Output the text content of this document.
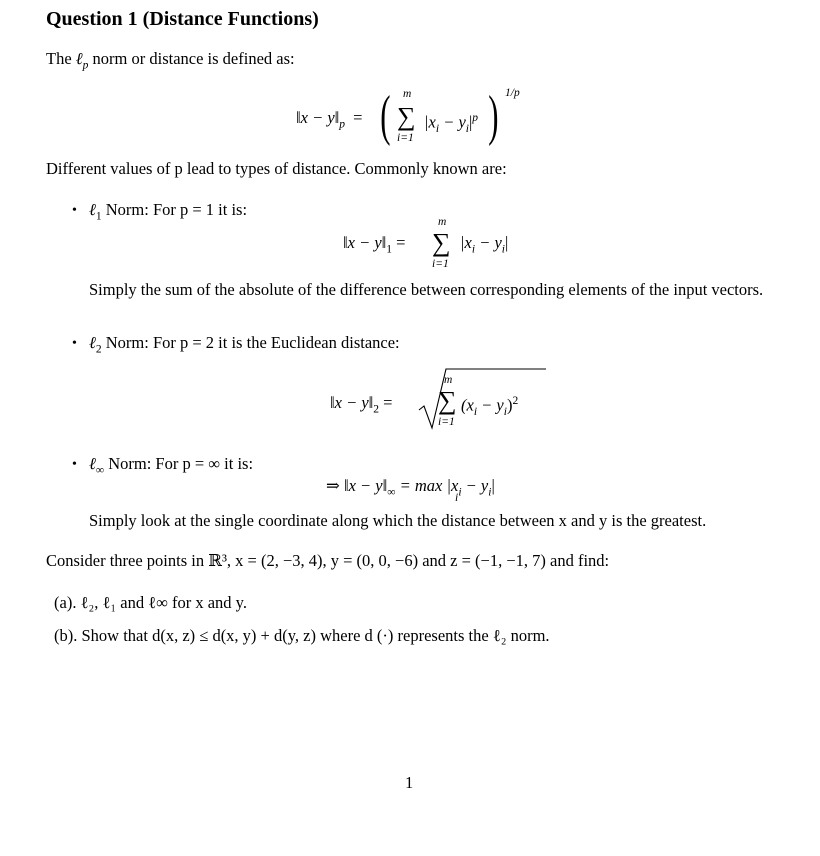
Question 1 (Distance Functions)
The ℓ$_p$ norm or distance is defined as:
‖x − $y‖_p$ = ( m
∑
i=1
$|x_i - y_i|^p$ ) 1/p
Different values of p lead to types of distance. Commonly known are:
• ℓ$_1$ Norm: For p = 1 it is:
‖x − $y‖_1$ =
m
∑
i=1
$|x_i - y_i|$
Simply the sum of the absolute of the difference between corresponding elements of the input vectors.
• ℓ$_2$ Norm: For p = 2 it is the Euclidean distance:
‖x − $y‖_2$ =
m
∑
i=1
$(x_i - y_i)^2$
• ℓ$_\infty$ Norm: For p = ∞ it is:
⇒ ‖x − $y‖_\infty = \max |x_i - y_i|$
i
Simply look at the single coordinate along which the distance between x and y is the greatest.
Consider three points in ℝ³, x = (2, −3, 4), y = (0, 0, −6) and z = (−1, −1, 7) and find:
(a). ℓ₂, ℓ₁ and ℓ∞ for x and y.
(b). Show that d(x, z) ≤ d(x, y) + d(y, z) where d (·) represents the ℓ₂ norm.
1
